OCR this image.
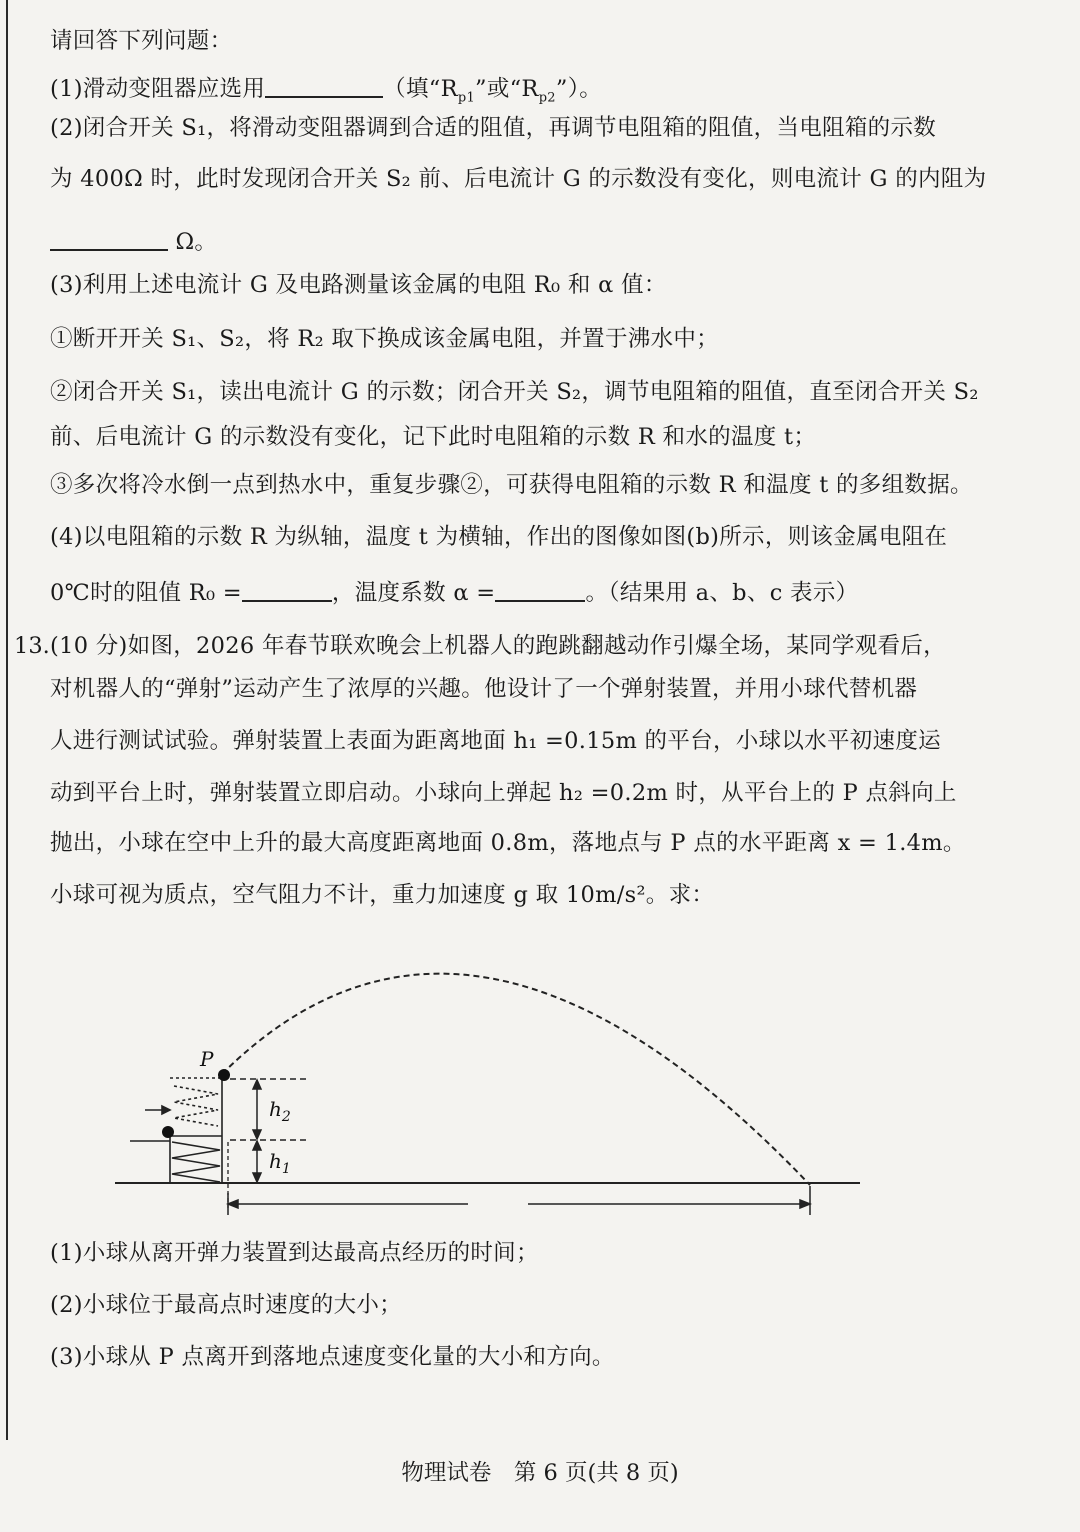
请回答下列问题：
(1)滑动变阻器应选用	（填“$R_{p1}$”或“$R_{p2}$”）。
(2)闭合开关 S₁，将滑动变阻器调到合适的阻值，再调节电阻箱的阻值，当电阻箱的示数
为 400Ω 时，此时发现闭合开关 S₂ 前、后电流计 G 的示数没有变化，则电流计 G 的内阻为
Ω。
(3)利用上述电流计 G 及电路测量该金属的电阻 R₀ 和 α 值：
①断开开关 S₁、S₂，将 R₂ 取下换成该金属电阻，并置于沸水中；
②闭合开关 S₁，读出电流计 G 的示数；闭合开关 S₂，调节电阻箱的阻值，直至闭合开关 S₂
前、后电流计 G 的示数没有变化，记下此时电阻箱的示数 R 和水的温度 t；
③多次将冷水倒一点到热水中，重复步骤②，可获得电阻箱的示数 R 和温度 t 的多组数据。
(4)以电阻箱的示数 R 为纵轴，温度 t 为横轴，作出的图像如图(b)所示，则该金属电阻在
0℃时的阻值 R₀ =	，温度系数 α =	。（结果用 a、b、c 表示）
13. (10 分)如图，2026 年春节联欢晚会上机器人的跑跳翻越动作引爆全场，某同学观看后，
对机器人的“弹射”运动产生了浓厚的兴趣。他设计了一个弹射装置，并用小球代替机器
人进行测试试验。弹射装置上表面为距离地面 h₁ =0.15m 的平台，小球以水平初速度运
动到平台上时，弹射装置立即启动。小球向上弹起 h₂ =0.2m 时，从平台上的 P 点斜向上
抛出，小球在空中上升的最大高度距离地面 0.8m，落地点与 P 点的水平距离 x = 1.4m。
小球可视为质点，空气阻力不计，重力加速度 g 取 10m/s²。求：
P
$h_2$
$h_1$
(1)小球从离开弹力装置到达最高点经历的时间；
(2)小球位于最高点时速度的大小；
(3)小球从 P 点离开到落地点速度变化量的大小和方向。
物理试卷　第 6 页(共 8 页)
